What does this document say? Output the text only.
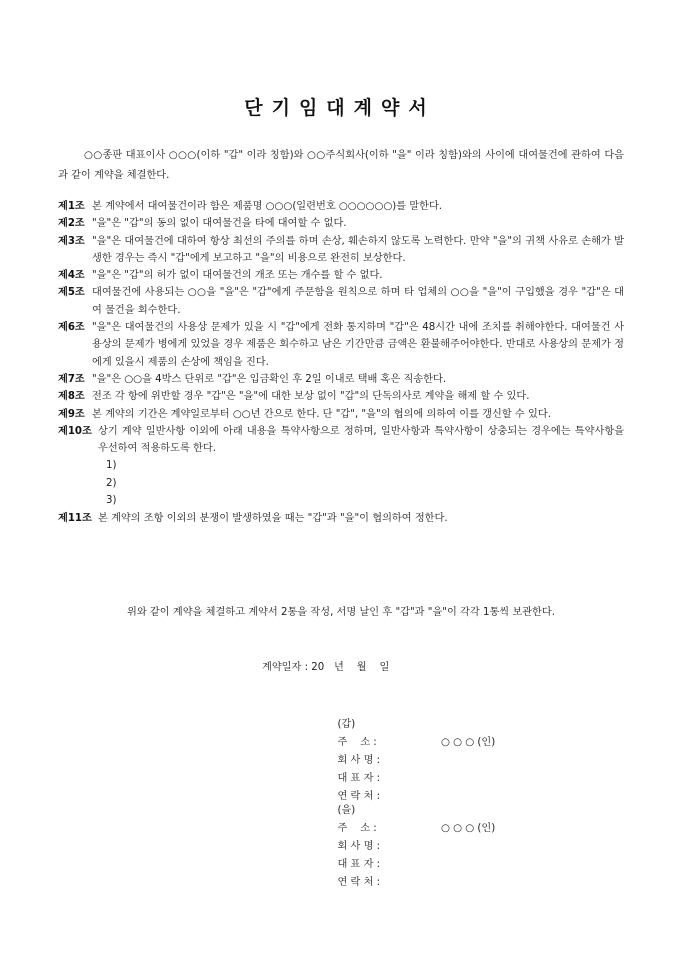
단기임대계약서
○○종판 대표이사 ○○○(이하 "갑" 이라 칭함)와 ○○주식회사(이하 "을" 이라 칭함)와의 사이에 대여물건에 관하여 다음과 같이 계약을 체결한다.
제1조 본 계약에서 대여물건이라 함은 제품명 ○○○(일련번호 ○○○○○○)를 말한다.
제2조 "을"은 "갑"의 동의 없이 대여물건을 타에 대여할 수 없다.
제3조 "을"은 대여물건에 대하여 항상 최선의 주의를 하며 손상, 훼손하지 않도록 노력한다. 만약 "을"의 귀책 사유로 손해가 발생한 경우는 즉시 "갑"에게 보고하고 "을"의 비용으로 완전히 보상한다.
제4조 "을"은 "갑"의 허가 없이 대여물건의 개조 또는 개수를 할 수 없다.
제5조 대여물건에 사용되는 ○○을 "을"은 "갑"에게 주문함을 원칙으로 하며 타 업체의 ○○을 "을"이 구입했을 경우 "갑"은 대여 물건을 회수한다.
제6조 "을"은 대여물건의 사용상 문제가 있을 시 "갑"에게 전화 통지하며 "갑"은 48시간 내에 조치를 취해야한다. 대여물건 사용상의 문제가 병에게 있었을 경우 제품은 회수하고 남은 기간만큼 금액은 환불해주어야한다. 반대로 사용상의 문제가 정에게 있을시 제품의 손상에 책임을 진다.
제7조 "을"은 ○○을 4박스 단위로 "갑"은 입금확인 후 2일 이내로 택배 혹은 직송한다.
제8조 전조 각 항에 위반할 경우 "갑"은 "을"에 대한 보상 없이 "갑"의 단독의사로 계약을 해제 할 수 있다.
제9조 본 계약의 기간은 계약일로부터 ○○년 간으로 한다. 단 "갑", "을"의 협의에 의하여 이를 갱신할 수 있다.
제10조 상기 계약 일반사항 이외에 아래 내용을 특약사항으로 정하며, 일반사항과 특약사항이 상충되는 경우에는 특약사항을 우선하여 적용하도록 한다.
1)
2)
3)
제11조 본 계약의 조항 이외의 분쟁이 발생하였을 때는 "갑"과 "을"이 협의하여 정한다.
위와 같이 계약을 체결하고 계약서 2통을 작성, 서명 날인 후 "갑"과 "을"이 각각 1통씩 보관한다.
계약일자 : 20   년    월    일

(갑)
주    소 :

회 사 명 :

대 표 자 :

○ ○ ○ (인)

연 락 처 :

(을)
주    소 :

회 사 명 :

대 표 자 :

○ ○ ○ (인)

연 락 처 :
